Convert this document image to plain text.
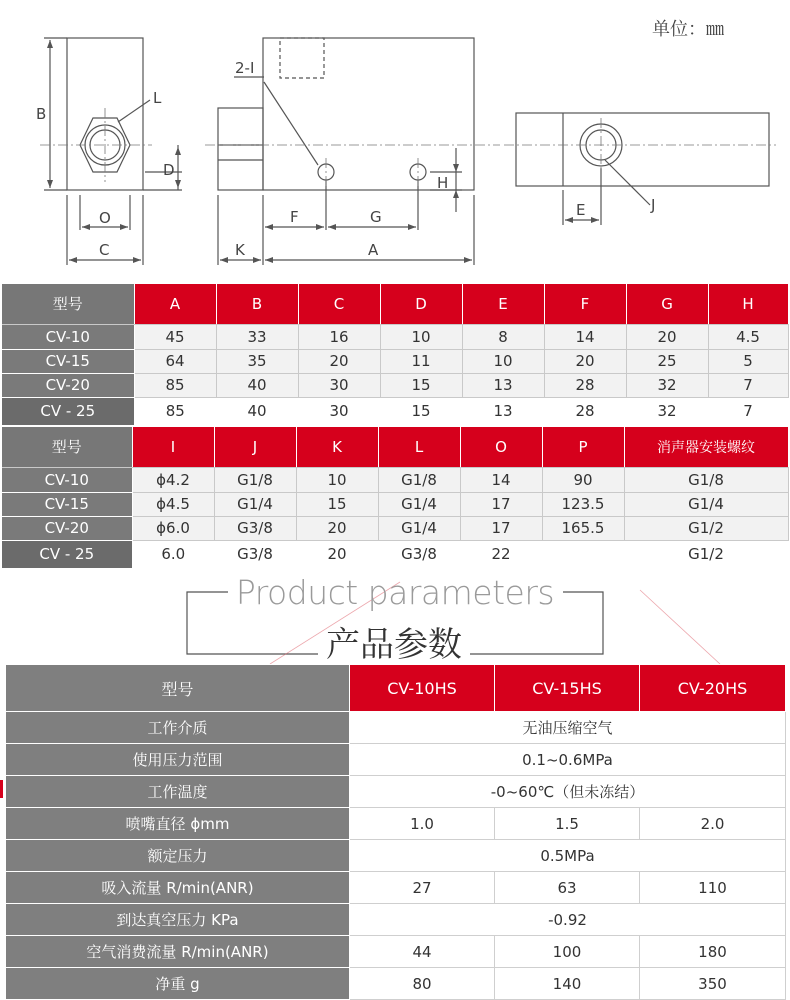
单位：㎜
B
L
D
O
C
2-I
H
F	G
K	A
E	J
型号	A	B	C	D	E	F	G	H
CV-10	45	33	16	10	8	14	20	4.5
CV-15	64	35	20	11	10	20	25	5
CV-20	85	40	30	15	13	28	32	7
CV - 25	85	40	30	15	13	28	32	7
型号	I	J	K	L	O	P	消声器安装螺纹
CV-10	ϕ4.2	G1/8	10	G1/8	14	90	G1/8
CV-15	ϕ4.5	G1/4	15	G1/4	17	123.5	G1/4
CV-20	ϕ6.0	G3/8	20	G1/4	17	165.5	G1/2
CV - 25	6.0	G3/8	20	G3/8	22		G1/2
Product parameters
产品参数
型号	CV-10HS	CV-15HS	CV-20HS
工作介质	无油压缩空气		
使用压力范围	0.1~0.6MPa		
工作温度	-0~60℃（但未冻结）		
喷嘴直径 ϕmm	1.0	1.5	2.0
额定压力	0.5MPa		
吸入流量 R/min(ANR)	27	63	110
到达真空压力 KPa	-0.92		
空气消费流量 R/min(ANR)	44	100	180
净重 g	80	140	350
